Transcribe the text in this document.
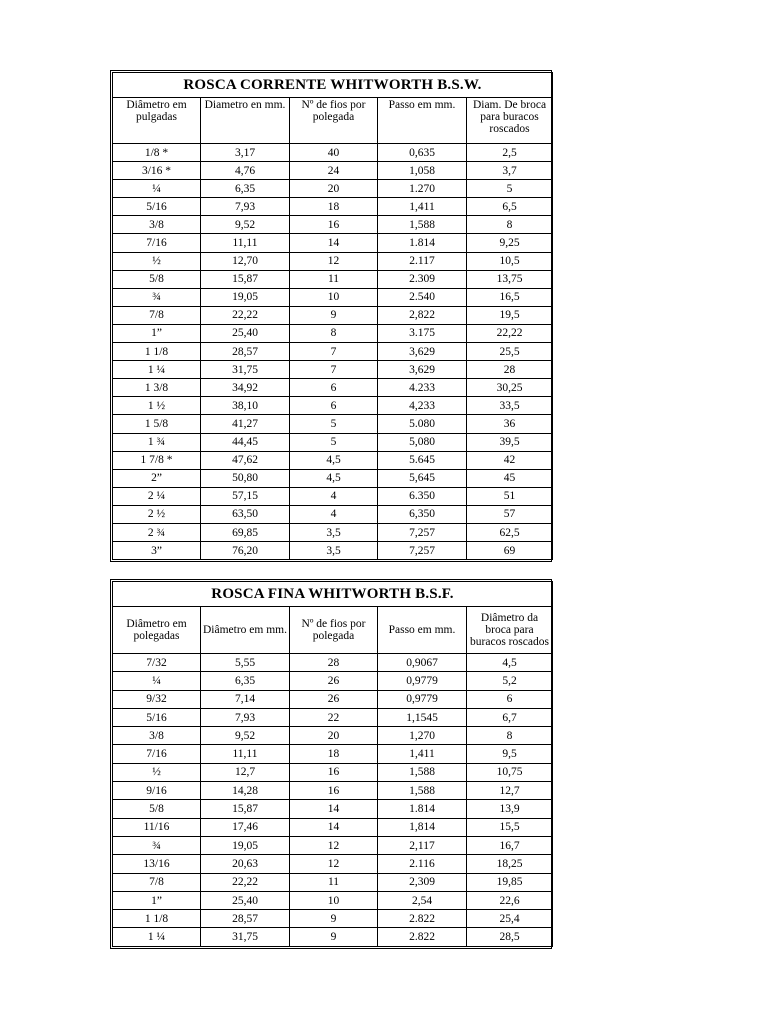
ROSCA CORRENTE WHITWORTH B.S.W.				
Diâmetro em pulgadas	Diametro en mm.	Nº de fios por polegada	Passo em mm.	Diam. De broca para buracos roscados
1/8 *	3,17	40	0,635	2,5
3/16 *	4,76	24	1,058	3,7
¼	6,35	20	1.270	5
5/16	7,93	18	1,411	6,5
3/8	9,52	16	1,588	8
7/16	11,11	14	1.814	9,25
½	12,70	12	2.117	10,5
5/8	15,87	11	2.309	13,75
¾	19,05	10	2.540	16,5
7/8	22,22	9	2,822	19,5
1”	25,40	8	3.175	22,22
1 1/8	28,57	7	3,629	25,5
1 ¼	31,75	7	3,629	28
1 3/8	34,92	6	4.233	30,25
1 ½	38,10	6	4,233	33,5
1 5/8	41,27	5	5.080	36
1 ¾	44,45	5	5,080	39,5
1 7/8 *	47,62	4,5	5.645	42
2”	50,80	4,5	5,645	45
2 ¼	57,15	4	6.350	51
2 ½	63,50	4	6,350	57
2 ¾	69,85	3,5	7,257	62,5
3”	76,20	3,5	7,257	69
ROSCA FINA WHITWORTH B.S.F.				
Diâmetro em polegadas	Diâmetro em mm.	Nº de fios por polegada	Passo em mm.	Diâmetro da broca para buracos roscados
7/32	5,55	28	0,9067	4,5
¼	6,35	26	0,9779	5,2
9/32	7,14	26	0,9779	6
5/16	7,93	22	1,1545	6,7
3/8	9,52	20	1,270	8
7/16	11,11	18	1,411	9,5
½	12,7	16	1,588	10,75
9/16	14,28	16	1,588	12,7
5/8	15,87	14	1.814	13,9
11/16	17,46	14	1,814	15,5
¾	19,05	12	2,117	16,7
13/16	20,63	12	2.116	18,25
7/8	22,22	11	2,309	19,85
1”	25,40	10	2,54	22,6
1 1/8	28,57	9	2.822	25,4
1 ¼	31,75	9	2.822	28,5
